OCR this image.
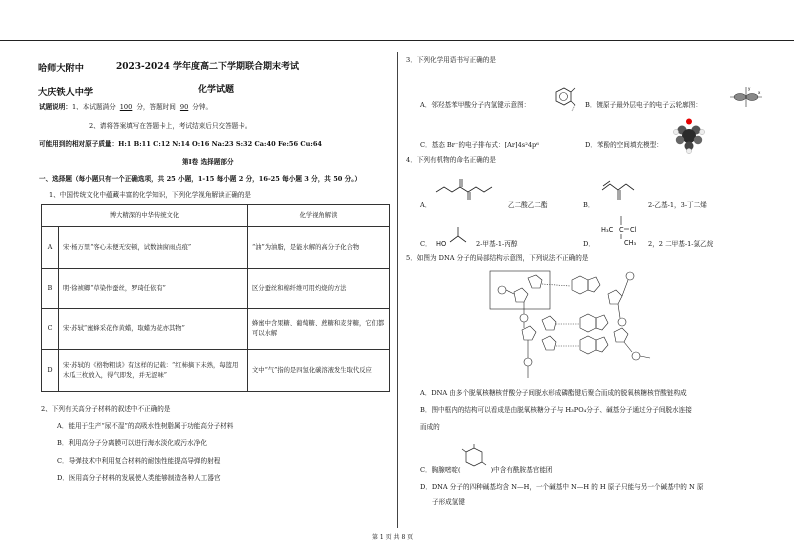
哈师大附中
大庆铁人中学
2023-2024 学年度高二下学期联合期末考试
化学试题
试题说明：1、本试题满分 100 分，答题时间 90 分钟。
2、请将答案填写在答题卡上，考试结束后只交答题卡。
可能用到的相对原子质量：H:1 B:11 C:12 N:14 O:16 Na:23 S:32 Ca:40 Fe:56 Cu:64
第Ⅰ卷 选择题部分
一、选择题（每小题只有一个正确选项，共 25 小题，1-15 每小题 2 分，16-25 每小题 3 分，共 50 分。）
1、中国传统文化中蕴藏丰富的化学知识，下列化学视角解读正确的是
博大精深的中华传统文化		化学视角解读
A	宋·杨万里“客心未便无安顿，试数油窗雨点痕”	“油”为油脂，是能水解的高分子化合物
B	明·徐祯卿“草染作蚕丝，罗琦任依有”	区分蚕丝和棉纤维可用灼烧的方法
C	宋·苏轼“蜜蜂采花作黄蜡，取蜡为花亦其物”	蜂蜜中含果糖、葡萄糖、蔗糖和麦芽糖，它们都可以水解
D	宋·苏轼的《格物粗谈》有这样的记载：“红柿摘下未熟，每篮用木瓜三枚放入，得气即发，并无涩味”	文中“气”指的是四氢化碳溶液发生取代反应
2、下列有关高分子材料的叙述中不正确的是
A．能用于生产“尿不湿”的高吸水性树脂属于功能高分子材料
B．利用高分子分离膜可以进行海水淡化或污水净化
C．导弹技术中利用复合材料的耐蚀性能提高导弹的射程
D．医用高分子材料的发展使人类能够制造各种人工器官
3．下列化学用语书写正确的是
A．邻羟基苯甲酸分子内氢键示意图：	B．镀原子最外层电子的电子云轮廓图：
x
y
C．基态 Br⁻的电子排布式：[Ar]4s²4p⁶	D．苯酚的空间填充模型：
4．下列有机物的命名正确的是
A．	乙二酸乙二酯	B．	2-乙基-1，3-丁二烯
C． HO	2-甲基-1-丙醇	D．
H₃C C Cl
CH₃ 2，2 二甲基-1-氯乙烷
5．如图为 DNA 分子的局部结构示意图，下列说法不正确的是
A．DNA 由多个脱氧核糖核苷酸分子间脱水形成磷酯键后聚合而成的脱氧核糖核苷酸链构成
B．图中框内的结构可以看成是由脱氧核糖分子与 H₃PO₄分子、碱基分子通过分子间脱水连接
而成的
C．胸腺嘧啶(	)中含有酰胺基官能团
D．DNA 分子的四种碱基均含 N—H，一个碱基中 N—H 的 H 原子只能与另一个碱基中的 N 原
子形成氢键
第 1 页 共 8 页
